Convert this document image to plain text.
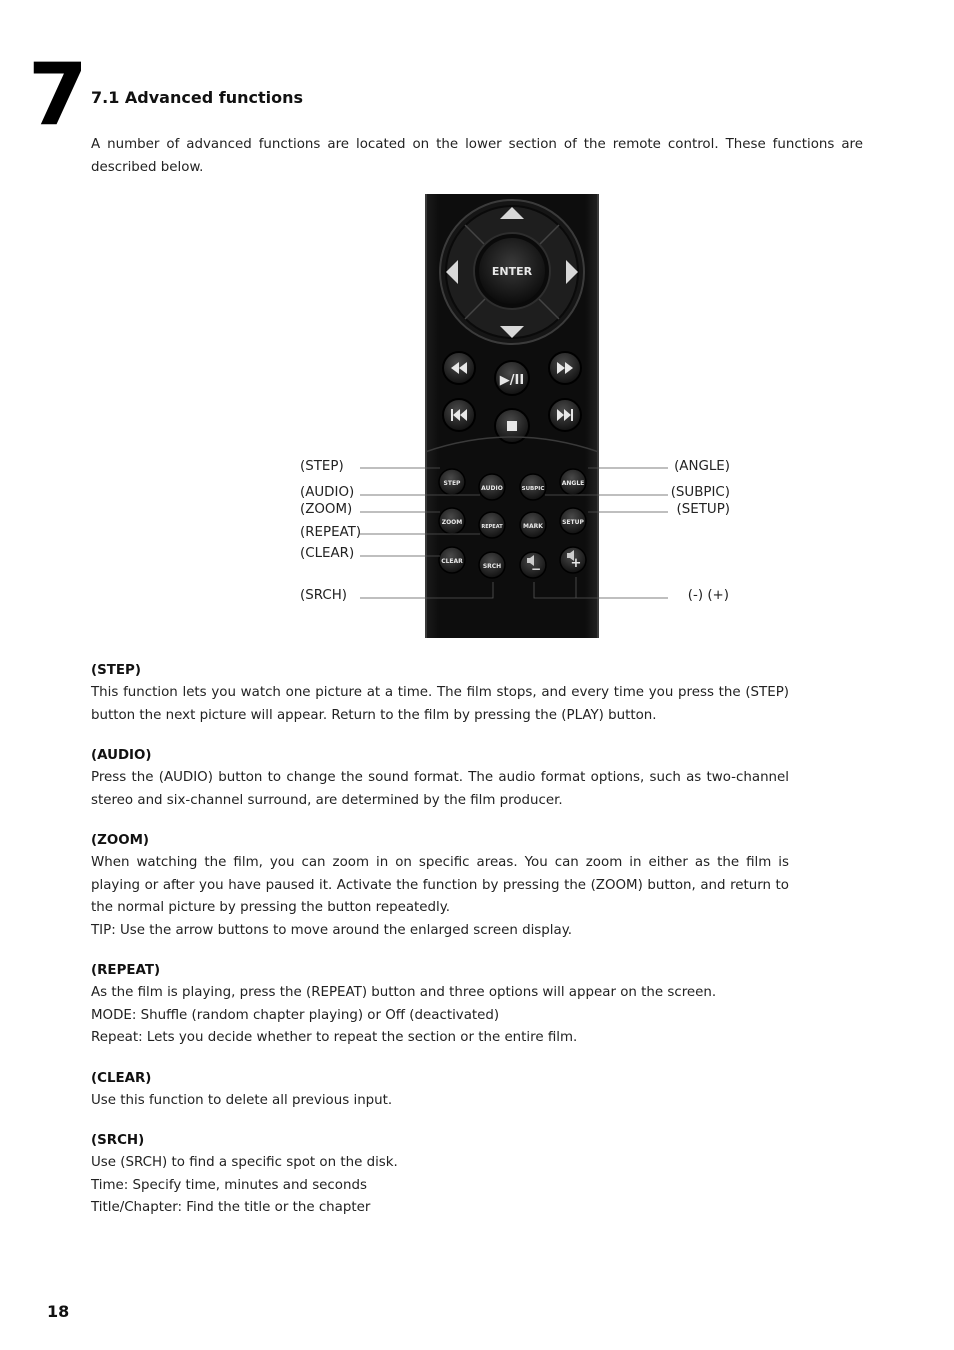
7 7.1 Advanced functions
A number of advanced functions are located on the lower section of the remote control. These functions are described below.
ENTER
▶/II
STEP
AUDIO	SUBPIC
ANGLE
ZOOM
REPEAT	MARK
SETUP
CLEAR
SRCH − +
(STEP)
(AUDIO)
(ZOOM)
(REPEAT)
(CLEAR)
(SRCH)
(ANGLE)
(SUBPIC)
(SETUP)
(-) (+)
(STEP)
This function lets you watch one picture at a time. The film stops, and every time you press the (STEP) button the next picture will appear. Return to the film by pressing the (PLAY) button.
(AUDIO)
Press the (AUDIO) button to change the sound format. The audio format options, such as two-channel stereo and six-channel surround, are determined by the film producer.
(ZOOM)
When watching the film, you can zoom in on specific areas. You can zoom in either as the film is playing or after you have paused it. Activate the function by pressing the (ZOOM) button, and return to the normal picture by pressing the button repeatedly.
TIP: Use the arrow buttons to move around the enlarged screen display.
(REPEAT)
As the film is playing, press the (REPEAT) button and three options will appear on the screen.
MODE: Shuffle (random chapter playing) or Off (deactivated)
Repeat: Lets you decide whether to repeat the section or the entire film.
(CLEAR)
Use this function to delete all previous input.
(SRCH)
Use (SRCH) to find a specific spot on the disk.
Time: Specify time, minutes and seconds
Title/Chapter: Find the title or the chapter
18
